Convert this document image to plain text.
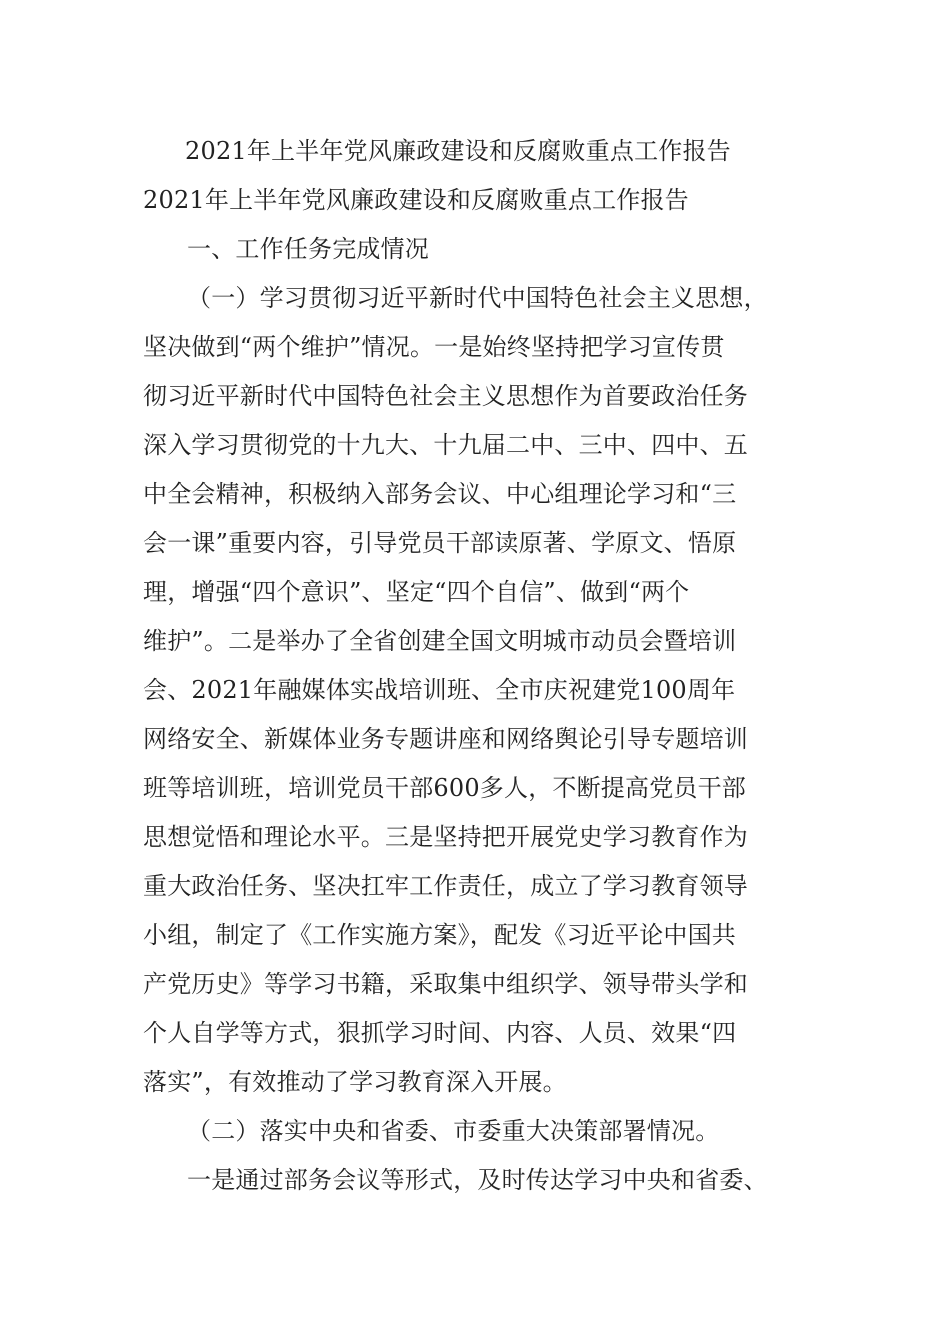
2021年上半年党风廉政建设和反腐败重点工作报告
2021年上半年党风廉政建设和反腐败重点工作报告
一、工作任务完成情况
（一）学习贯彻习近平新时代中国特色社会主义思想，
坚决做到“两个维护”情况。一是始终坚持把学习宣传贯
彻习近平新时代中国特色社会主义思想作为首要政治任务
深入学习贯彻党的十九大、十九届二中、三中、四中、五
中全会精神，积极纳入部务会议、中心组理论学习和“三
会一课”重要内容，引导党员干部读原著、学原文、悟原
理，增强“四个意识”、坚定“四个自信”、做到“两个
维护”。二是举办了全省创建全国文明城市动员会暨培训
会、2021年融媒体实战培训班、全市庆祝建党100周年
网络安全、新媒体业务专题讲座和网络舆论引导专题培训
班等培训班，培训党员干部600多人，不断提高党员干部
思想觉悟和理论水平。三是坚持把开展党史学习教育作为
重大政治任务、坚决扛牢工作责任，成立了学习教育领导
小组，制定了《工作实施方案》，配发《习近平论中国共
产党历史》等学习书籍，采取集中组织学、领导带头学和
个人自学等方式，狠抓学习时间、内容、人员、效果“四
落实”，有效推动了学习教育深入开展。
（二）落实中央和省委、市委重大决策部署情况。
一是通过部务会议等形式，及时传达学习中央和省委、
